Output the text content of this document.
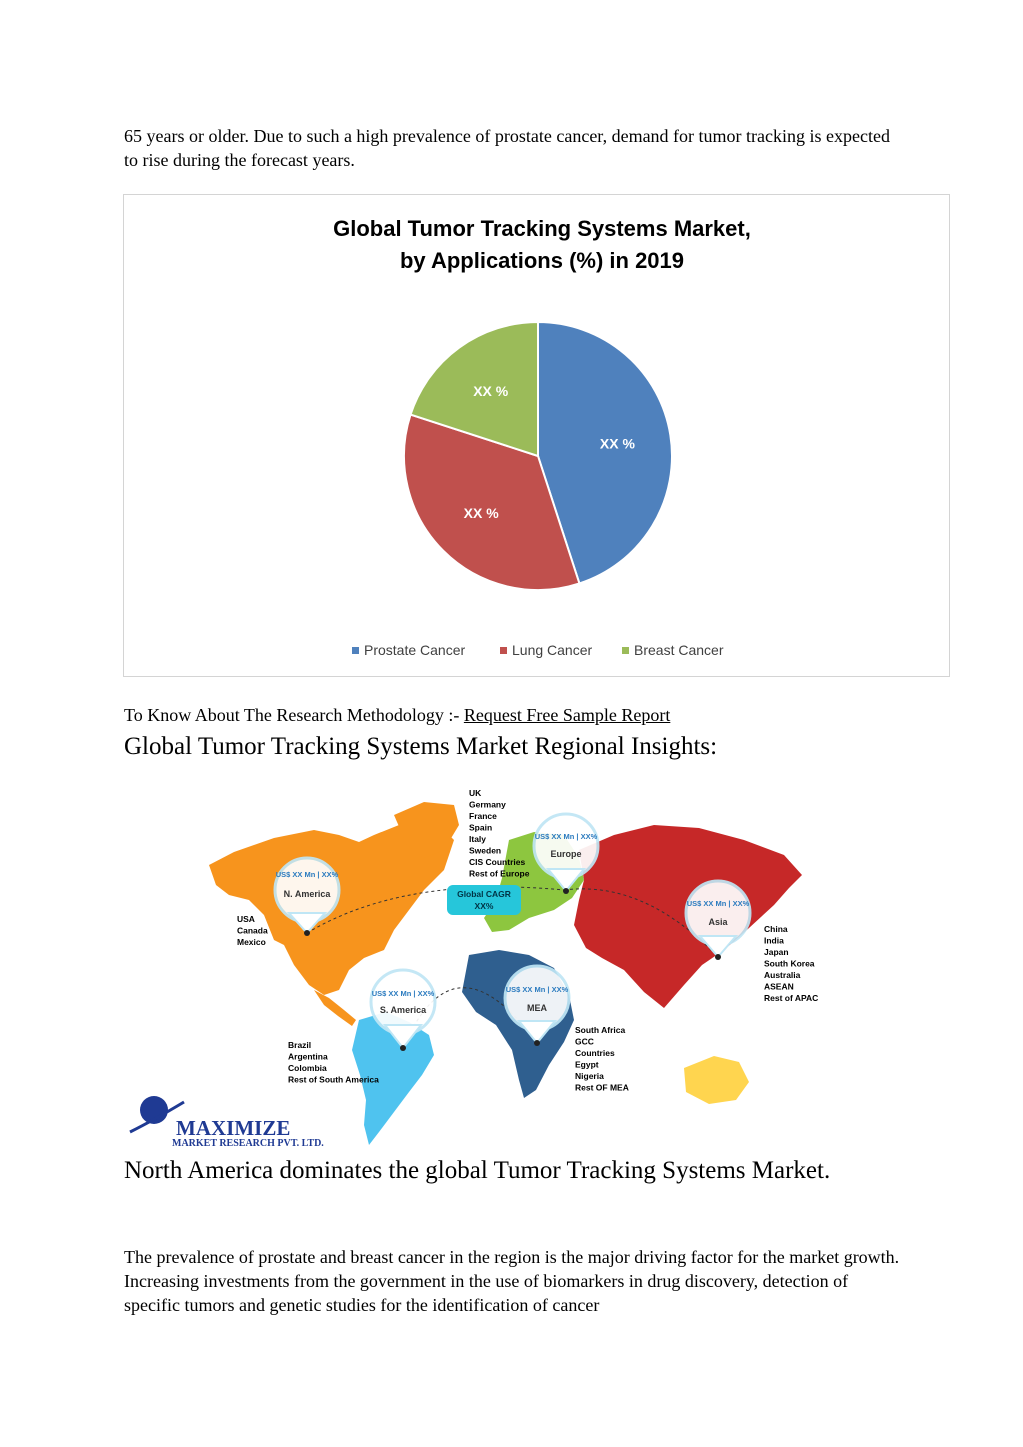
65 years or older. Due to such a high prevalence of prostate cancer, demand for tumor tracking is expected to rise during the forecast years.

Global Tumor Tracking Systems Market,
by Applications (%) in 2019
XX %
XX %
XX %
Prostate Cancer	Lung Cancer	Breast Cancer

To Know About The Research Methodology :- Request Free Sample Report

Global Tumor Tracking Systems Market Regional Insights:
US$ XX Mn | XX%
N. America
US$ XX Mn | XX%
Europe
US$ XX Mn | XX%
Asia
US$ XX Mn | XX%
S. America
US$ XX Mn | XX%
MEA
Global CAGR
XX%
UK
Germany
France
Spain
Italy
Sweden
CIS Countries
Rest of Europe
USA
Canada
Mexico
China
India
Japan
South Korea
Australia
ASEAN
Rest of APAC
Brazil
Argentina
Colombia
Rest of South America
South Africa
GCC
Countries
Egypt
Nigeria
Rest OF MEA
MAXIMIZE
MARKET RESEARCH PVT. LTD.
North America dominates the global Tumor Tracking Systems Market.

The prevalence of prostate and breast cancer in the region is the major driving factor for the market growth. Increasing investments from the government in the use of biomarkers in drug discovery, detection of specific tumors and genetic studies for the identification of cancer
